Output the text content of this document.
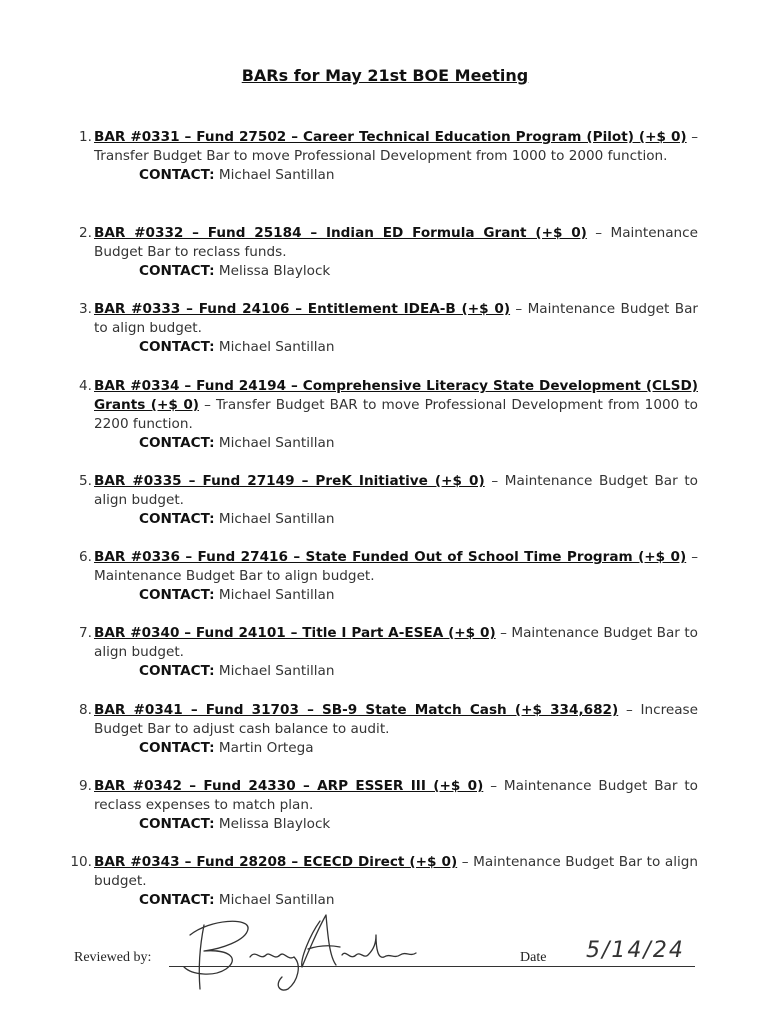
BARs for May 21st BOE Meeting
1. BAR #0331 – Fund 27502 – Career Technical Education Program (Pilot) (+$ 0) – Transfer Budget Bar to move Professional Development from 1000 to 2000 function.
CONTACT: Michael Santillan
2. BAR #0332 – Fund 25184 – Indian ED Formula Grant (+$ 0) – Maintenance Budget Bar to reclass funds.
CONTACT: Melissa Blaylock
3. BAR #0333 – Fund 24106 – Entitlement IDEA-B (+$ 0) – Maintenance Budget Bar to align budget.
CONTACT: Michael Santillan
4. BAR #0334 – Fund 24194 – Comprehensive Literacy State Development (CLSD) Grants (+$ 0) – Transfer Budget BAR to move Professional Development from 1000 to 2200 function.
CONTACT: Michael Santillan
5. BAR #0335 – Fund 27149 – PreK Initiative (+$ 0) – Maintenance Budget Bar to align budget.
CONTACT: Michael Santillan
6. BAR #0336 – Fund 27416 – State Funded Out of School Time Program (+$ 0) – Maintenance Budget Bar to align budget.
CONTACT: Michael Santillan
7. BAR #0340 – Fund 24101 – Title I Part A-ESEA (+$ 0) – Maintenance Budget Bar to align budget.
CONTACT: Michael Santillan
8. BAR #0341 – Fund 31703 – SB-9 State Match Cash (+$ 334,682) – Increase Budget Bar to adjust cash balance to audit.
CONTACT: Martin Ortega
9. BAR #0342 – Fund 24330 – ARP ESSER III (+$ 0) – Maintenance Budget Bar to reclass expenses to match plan.
CONTACT: Melissa Blaylock
10. BAR #0343 – Fund 28208 – ECECD Direct (+$ 0) – Maintenance Budget Bar to align budget.
CONTACT: Michael Santillan
Reviewed by:	Date 5/14/24
